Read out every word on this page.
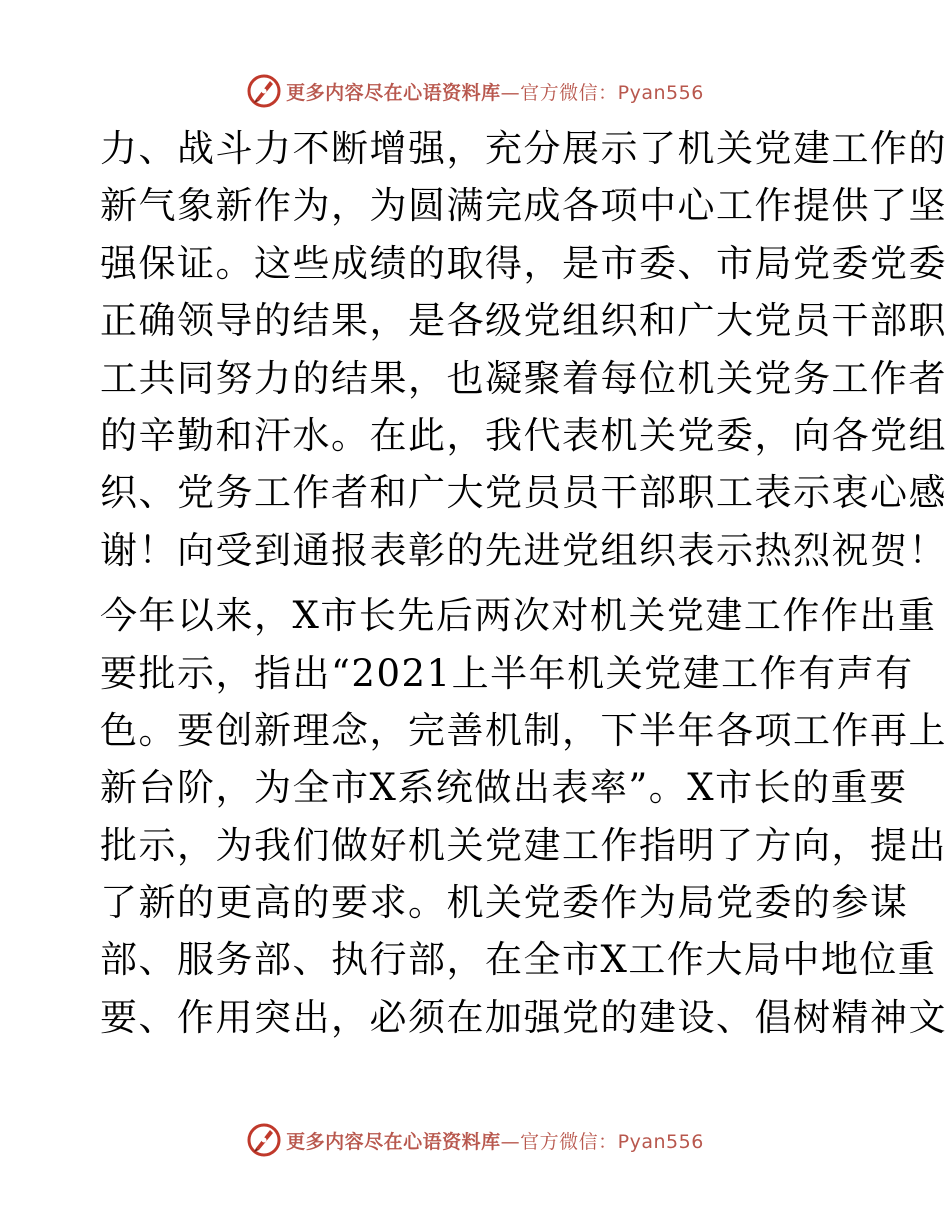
更多内容尽在心语资料库—官方微信：Pyan556
力、战斗力不断增强，充分展示了机关党建工作的
新气象新作为，为圆满完成各项中心工作提供了坚
强保证。这些成绩的取得，是市委、市局党委党委
正确领导的结果，是各级党组织和广大党员干部职
工共同努力的结果，也凝聚着每位机关党务工作者
的辛勤和汗水。在此，我代表机关党委，向各党组
织、党务工作者和广大党员员干部职工表示衷心感
谢！向受到通报表彰的先进党组织表示热烈祝贺！
今年以来，X市长先后两次对机关党建工作作出重
要批示，指出“2021上半年机关党建工作有声有
色。要创新理念，完善机制，下半年各项工作再上
新台阶，为全市X系统做出表率”。X市长的重要
批示，为我们做好机关党建工作指明了方向，提出
了新的更高的要求。机关党委作为局党委的参谋
部、服务部、执行部，在全市X工作大局中地位重
要、作用突出，必须在加强党的建设、倡树精神文
更多内容尽在心语资料库—官方微信：Pyan556
